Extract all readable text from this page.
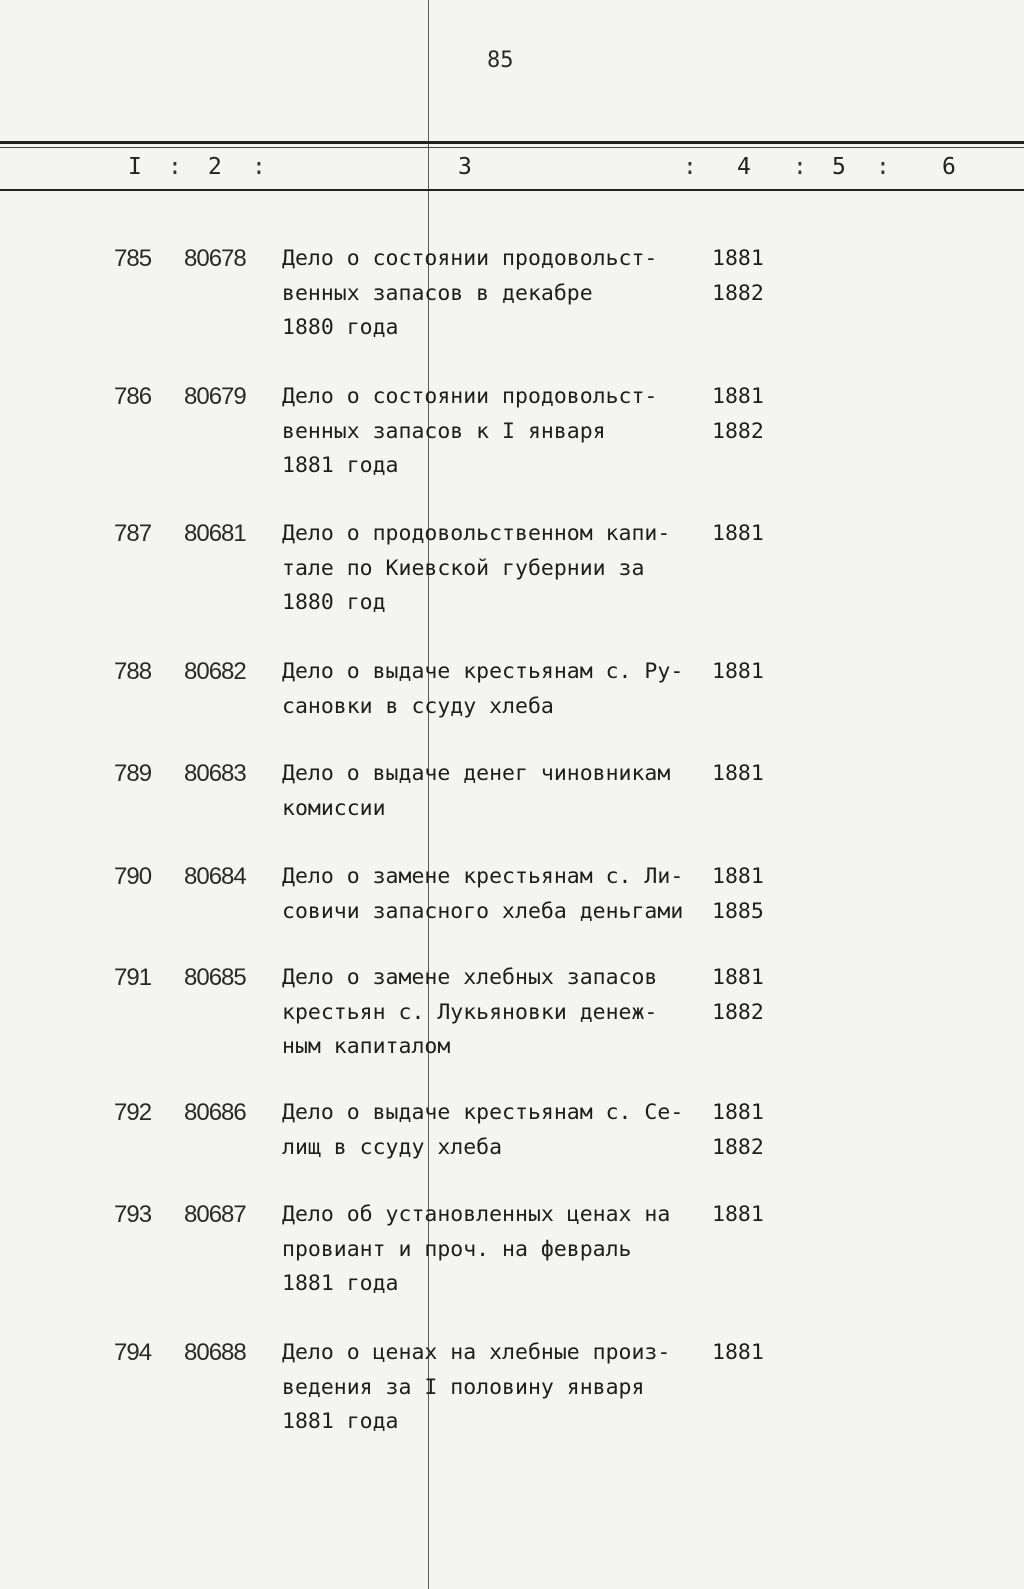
85
I : 2 :	3	: 4 : 5 : 6
785 80678 Дело о состоянии продовольст-
венных запасов в декабре
1880 года
1881
1882
786 80679 Дело о состоянии продовольст-
венных запасов к I января
1881 года
1881
1882
787 80681 Дело о продовольственном капи-
тале по Киевской губернии за
1880 год
1881
788 80682 Дело о выдаче крестьянам с. Ру-
сановки в ссуду хлеба
1881
789 80683 Дело о выдаче денег чиновникам
комиссии
1881
790 80684 Дело о замене крестьянам с. Ли-
совичи запасного хлеба деньгами
1881
1885
791 80685 Дело о замене хлебных запасов
крестьян с. Лукьяновки денеж-
ным капиталом
1881
1882
792 80686 Дело о выдаче крестьянам с. Се-
лищ в ссуду хлеба
1881
1882
793 80687 Дело об установленных ценах на
провиант и проч. на февраль
1881 года
1881
794 80688 Дело о ценах на хлебные произ-
ведения за I половину января
1881 года
1881
